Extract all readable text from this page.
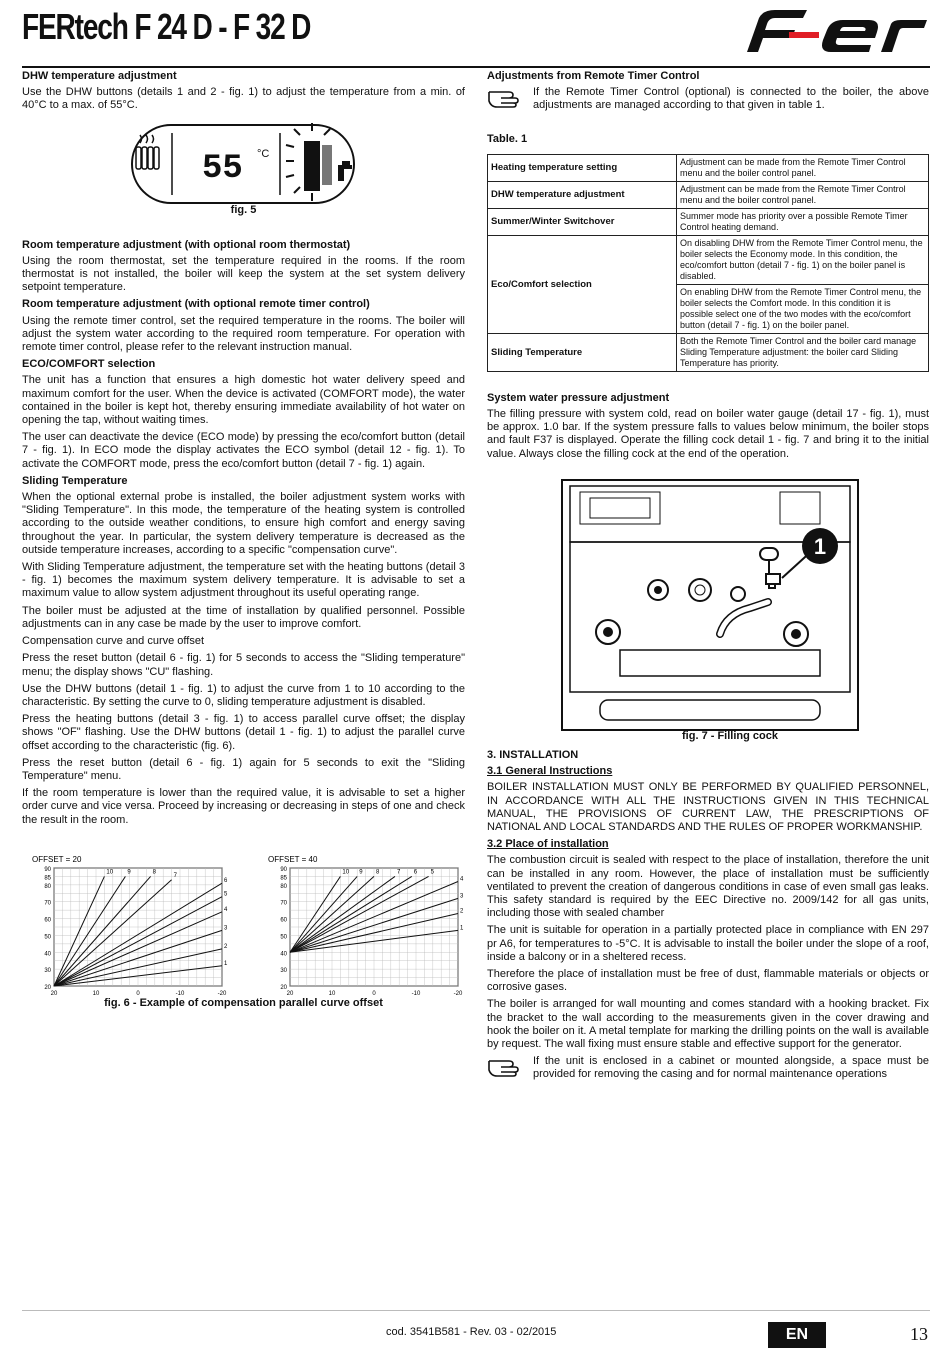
FERtech F 24 D - F 32 D
DHW temperature adjustment

Use the DHW buttons (details 1 and 2 - fig. 1) to adjust the temperature from a min. of 40°C to a max. of 55°C.

55 °C
fig. 5
Room temperature adjustment (with optional room thermostat)

Using the room thermostat, set the temperature required in the rooms. If the room thermostat is not installed, the boiler will keep the system at the set system delivery setpoint temperature.

Room temperature adjustment (with optional remote timer control)

Using the remote timer control, set the required temperature in the rooms. The boiler will adjust the system water according to the required room temperature. For operation with remote timer control, please refer to the relevant instruction manual.

ECO/COMFORT selection

The unit has a function that ensures a high domestic hot water delivery speed and maximum comfort for the user. When the device is activated (COMFORT mode), the water contained in the boiler is kept hot, thereby ensuring immediate availability of hot water on opening the tap, without waiting times.

The user can deactivate the device (ECO mode) by pressing the eco/comfort button (detail 7 - fig. 1). In ECO mode the display activates the ECO symbol (detail 12 - fig. 1). To activate the COMFORT mode, press the eco/comfort button (detail 7 - fig. 1) again.

Sliding Temperature

When the optional external probe is installed, the boiler adjustment system works with "Sliding Temperature". In this mode, the temperature of the heating system is controlled according to the outside weather conditions, to ensure high comfort and energy saving throughout the year. In particular, the system delivery temperature is decreased as the outside temperature increases, according to a specific "compensation curve".

With Sliding Temperature adjustment, the temperature set with the heating buttons (detail 3 - fig. 1) becomes the maximum system delivery temperature. It is advisable to set a maximum value to allow system adjustment throughout its useful operating range.

The boiler must be adjusted at the time of installation by qualified personnel. Possible adjustments can in any case be made by the user to improve comfort.

Compensation curve and curve offset

Press the reset button (detail 6 - fig. 1) for 5 seconds to access the "Sliding temperature" menu; the display shows "CU" flashing.

Use the DHW buttons (detail 1 - fig. 1) to adjust the curve from 1 to 10 according to the characteristic. By setting the curve to 0, sliding temperature adjustment is disabled.

Press the heating buttons (detail 3 - fig. 1) to access parallel curve offset; the display shows "OF" flashing. Use the DHW buttons (detail 1 - fig. 1) to adjust the parallel curve offset according to the characteristic (fig. 6).

Press the reset button (detail 6 - fig. 1) again for 5 seconds to exit the "Sliding Temperature" menu.

If the room temperature is lower than the required value, it is advisable to set a higher order curve and vice versa. Proceed by increasing or decreasing in steps of one and check the result in the room.

OFFSET = 20
20
30
40
50
60
70
80
85
90
20	10	0	-10	-20
10 9	8
7
6
5
4
3
2
1
OFFSET = 40
20
30
40
50
60
70
80
85
90
20	10	0	-10	-20
10 9 8	7 6 5
4
3
2
1
fig. 6 - Example of compensation parallel curve offset
Adjustments from Remote Timer Control
If the Remote Timer Control (optional) is connected to the boiler, the above adjustments are managed according to that given in table 1.
Table. 1
Heating temperature setting	Adjustment can be made from the Remote Timer Control menu and the boiler control panel.
DHW temperature adjustment	Adjustment can be made from the Remote Timer Control menu and the boiler control panel.
Summer/Winter Switchover	Summer mode has priority over a possible Remote Timer Control heating demand.
Eco/Comfort selection	On disabling DHW from the Remote Timer Control menu, the boiler selects the Economy mode. In this condition, the eco/comfort button (detail 7 - fig. 1) on the boiler panel is disabled.
	On enabling DHW from the Remote Timer Control menu, the boiler selects the Comfort mode. In this condition it is possible select one of the two modes with the eco/comfort button (detail 7 - fig. 1) on the boiler panel.
Sliding Temperature	Both the Remote Timer Control and the boiler card manage Sliding Temperature adjustment: the boiler card Sliding Temperature has priority.
System water pressure adjustment

The filling pressure with system cold, read on boiler water gauge (detail 17 - fig. 1), must be approx. 1.0 bar. If the system pressure falls to values below minimum, the boiler stops and fault F37 is displayed. Operate the filling cock detail 1 - fig. 7 and bring it to the initial value. Always close the filling cock at the end of the operation.

1
fig. 7 - Filling cock
3. INSTALLATION
3.1 General Instructions

BOILER INSTALLATION MUST ONLY BE PERFORMED BY QUALIFIED PERSONNEL, IN ACCORDANCE WITH ALL THE INSTRUCTIONS GIVEN IN THIS TECHNICAL MANUAL, THE PROVISIONS OF CURRENT LAW, THE PRESCRIPTIONS OF NATIONAL AND LOCAL STANDARDS AND THE RULES OF PROPER WORKMANSHIP.

3.2 Place of installation

The combustion circuit is sealed with respect to the place of installation, therefore the unit can be installed in any room. However, the place of installation must be sufficiently ventilated to prevent the creation of dangerous conditions in case of even small gas leaks. This safety standard is required by the EEC Directive no. 2009/142 for all gas units, including those with sealed chamber

The unit is suitable for operation in a partially protected place in compliance with EN 297 pr A6, for temperatures to -5°C. It is advisable to install the boiler under the slope of a roof, inside a balcony or in a sheltered recess.

Therefore the place of installation must be free of dust, flammable materials or objects or corrosive gases.

The boiler is arranged for wall mounting and comes standard with a hooking bracket. Fix the bracket to the wall according to the measurements given in the cover drawing and hook the boiler on it. A metal template for marking the drilling points on the wall is available by request. The wall fixing must ensure stable and effective support for the generator.

If the unit is enclosed in a cabinet or mounted alongside, a space must be provided for removing the casing and for normal maintenance operations
cod. 3541B581 - Rev. 03 - 02/2015	EN	13
